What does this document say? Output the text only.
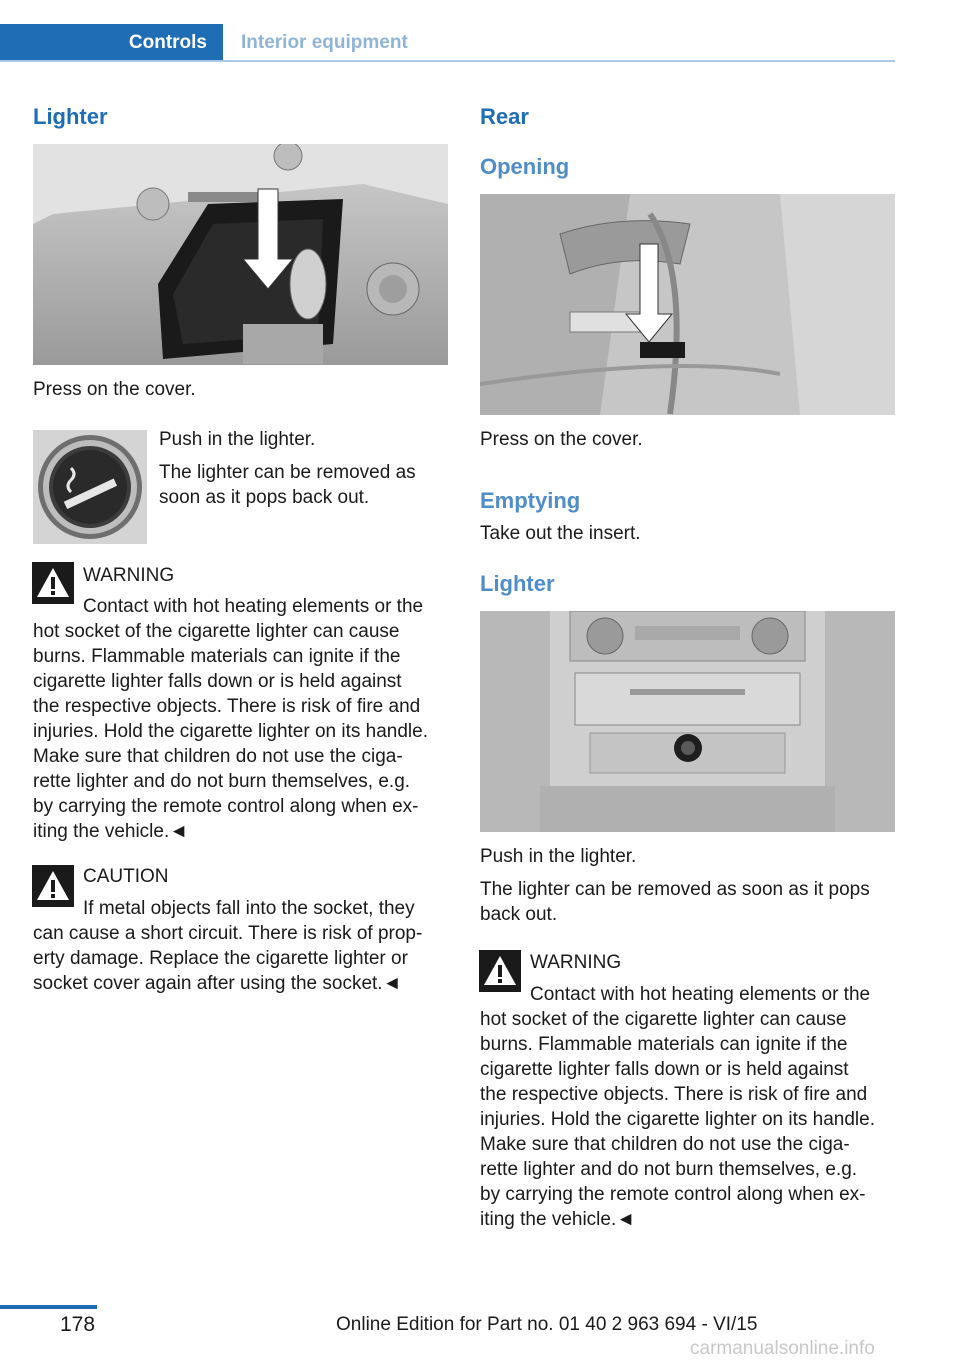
Controls Interior equipment
Lighter

Press on the cover.

Push in the lighter.

The lighter can be removed as

soon as it pops back out.

WARNING

Contact with hot heating elements or the

hot socket of the cigarette lighter can cause

burns. Flammable materials can ignite if the

cigarette lighter falls down or is held against

the respective objects. There is risk of fire and

injuries. Hold the cigarette lighter on its handle.

Make sure that children do not use the ciga‐

rette lighter and do not burn themselves, e.g.

by carrying the remote control along when ex‐

iting the vehicle.◄

CAUTION

If metal objects fall into the socket, they

can cause a short circuit. There is risk of prop‐

erty damage. Replace the cigarette lighter or

socket cover again after using the socket.◄

Rear
Opening

Press on the cover.

Emptying

Take out the insert.

Lighter

Push in the lighter.

The lighter can be removed as soon as it pops

back out.

WARNING

Contact with hot heating elements or the

hot socket of the cigarette lighter can cause

burns. Flammable materials can ignite if the

cigarette lighter falls down or is held against

the respective objects. There is risk of fire and

injuries. Hold the cigarette lighter on its handle.

Make sure that children do not use the ciga‐

rette lighter and do not burn themselves, e.g.

by carrying the remote control along when ex‐

iting the vehicle.◄

178	Online Edition for Part no. 01 40 2 963 694 - VI/15
carmanualsonline.info
